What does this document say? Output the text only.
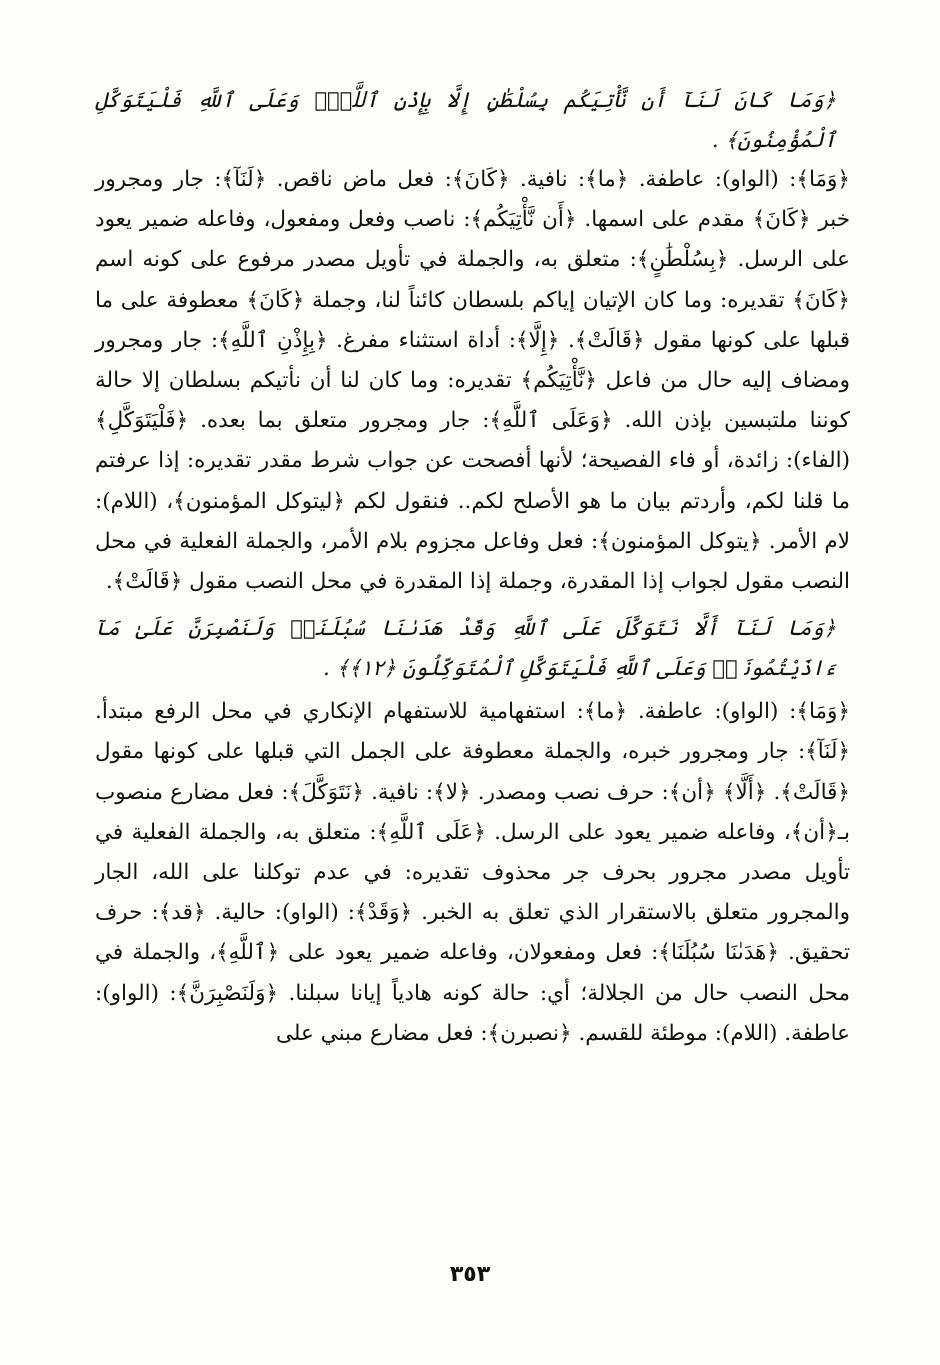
﴿وَمَا كَانَ لَنَآ أَن نَّأْتِيَكُم بِسُلْطَٰنٍ إِلَّا بِإِذْنِ ٱللَّهِۚ وَعَلَى ٱللَّهِ فَلْيَتَوَكَّلِ ٱلْمُؤْمِنُونَ﴾ .

﴿وَمَا﴾: (الواو): عاطفة. ﴿ما﴾: نافية. ﴿كَانَ﴾: فعل ماض ناقص. ﴿لَنَآ﴾: جار ومجرور خبر ﴿كَانَ﴾ مقدم على اسمها. ﴿أَن نَّأْتِيَكُم﴾: ناصب وفعل ومفعول، وفاعله ضمير يعود على الرسل. ﴿بِسُلْطَٰنٍ﴾: متعلق به، والجملة في تأويل مصدر مرفوع على كونه اسم ﴿كَانَ﴾ تقديره: وما كان الإتيان إياكم بلسطان كائناً لنا، وجملة ﴿كَانَ﴾ معطوفة على ما قبلها على كونها مقول ﴿قَالَتْ﴾. ﴿إِلَّا﴾: أداة استثناء مفرغ. ﴿بِإِذْنِ ٱللَّهِ﴾: جار ومجرور ومضاف إليه حال من فاعل ﴿نَّأْتِيَكُم﴾ تقديره: وما كان لنا أن نأتيكم بسلطان إلا حالة كوننا ملتبسين بإذن الله. ﴿وَعَلَى ٱللَّهِ﴾: جار ومجرور متعلق بما بعده. ﴿فَلْيَتَوَكَّلِ﴾ (الفاء): زائدة، أو فاء الفصيحة؛ لأنها أفصحت عن جواب شرط مقدر تقديره: إذا عرفتم ما قلنا لكم، وأردتم بيان ما هو الأصلح لكم.. فنقول لكم ﴿ليتوكل المؤمنون﴾، (اللام): لام الأمر. ﴿يتوكل المؤمنون﴾: فعل وفاعل مجزوم بلام الأمر، والجملة الفعلية في محل النصب مقول لجواب إذا المقدرة، وجملة إذا المقدرة في محل النصب مقول ﴿قَالَتْ﴾.

﴿وَمَا لَنَآ أَلَّا نَتَوَكَّلَ عَلَى ٱللَّهِ وَقَدْ هَدَىٰنَا سُبُلَنَاۚ وَلَنَصْبِرَنَّ عَلَىٰ مَآ ءَاذَيْتُمُونَاۚ وَعَلَى ٱللَّهِ فَلْيَتَوَكَّلِ ٱلْمُتَوَكِّلُونَ ﴿١٢﴾﴾ .

﴿وَمَا﴾: (الواو): عاطفة. ﴿ما﴾: استفهامية للاستفهام الإنكاري في محل الرفع مبتدأ. ﴿لَنَآ﴾: جار ومجرور خبره، والجملة معطوفة على الجمل التي قبلها على كونها مقول ﴿قَالَتْ﴾. ﴿أَلَّا﴾ ﴿أن﴾: حرف نصب ومصدر. ﴿لا﴾: نافية. ﴿نَتَوَكَّلَ﴾: فعل مضارع منصوب بـ﴿أن﴾، وفاعله ضمير يعود على الرسل. ﴿عَلَى ٱللَّهِ﴾: متعلق به، والجملة الفعلية في تأويل مصدر مجرور بحرف جر محذوف تقديره: في عدم توكلنا على الله، الجار والمجرور متعلق بالاستقرار الذي تعلق به الخبر. ﴿وَقَدْ﴾: (الواو): حالية. ﴿قد﴾: حرف تحقيق. ﴿هَدَىٰنَا سُبُلَنَا﴾: فعل ومفعولان، وفاعله ضمير يعود على ﴿ٱللَّهِ﴾، والجملة في محل النصب حال من الجلالة؛ أي: حالة كونه هادياً إيانا سبلنا. ﴿وَلَنَصْبِرَنَّ﴾: (الواو): عاطفة. (اللام): موطئة للقسم. ﴿نصبرن﴾: فعل مضارع مبني على

٣٥٣
